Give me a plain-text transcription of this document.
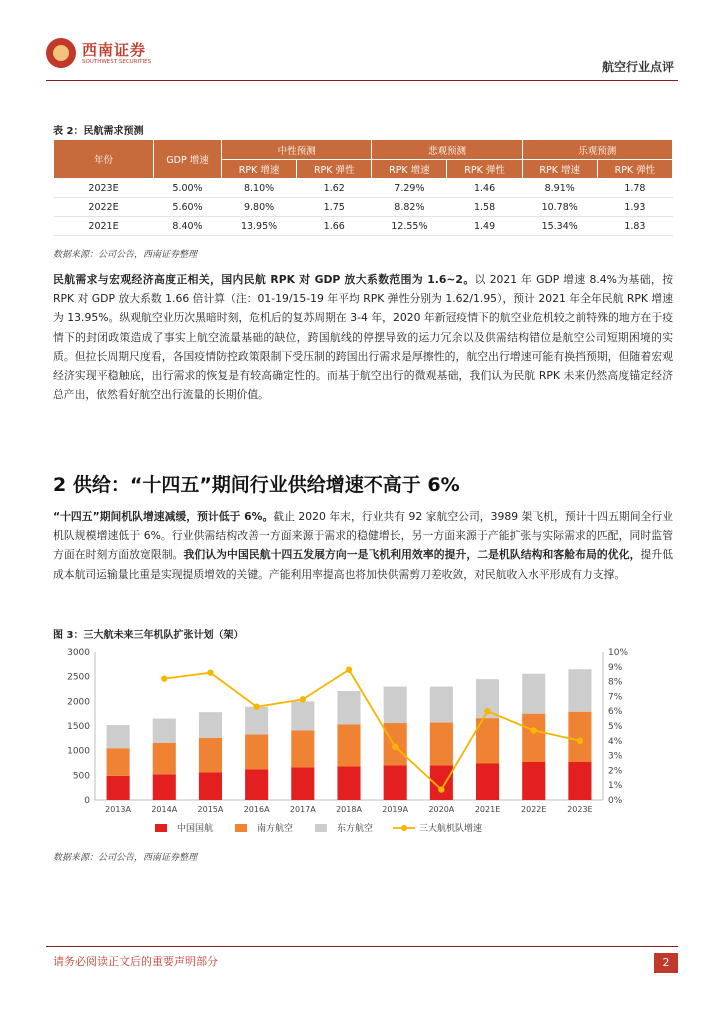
西南证券
SOUTHWEST SECURITIES	航空行业点评
表 2：民航需求预测
年份	GDP 增速	中性预测		悲观预测		乐观预测	
		RPK 增速	RPK 弹性	RPK 增速	RPK 弹性	RPK 增速	RPK 弹性
2023E	5.00%	8.10%	1.62	7.29%	1.46	8.91%	1.78
2022E	5.60%	9.80%	1.75	8.82%	1.58	10.78%	1.93
2021E	8.40%	13.95%	1.66	12.55%	1.49	15.34%	1.83
数据来源：公司公告，西南证券整理
民航需求与宏观经济高度正相关，国内民航 RPK 对 GDP 放大系数范围为 1.6~2。以 2021 年 GDP 增速 8.4%为基础，按 RPK 对 GDP 放大系数 1.66 倍计算（注：01-19/15-19 年平均 RPK 弹性分别为 1.62/1.95），预计 2021 年全年民航 RPK 增速为 13.95%。纵观航空业历次黑暗时刻，危机后的复苏周期在 3-4 年，2020 年新冠疫情下的航空业危机较之前特殊的地方在于疫情下的封闭政策造成了事实上航空流量基础的缺位，跨国航线的停摆导致的运力冗余以及供需结构错位是航空公司短期困境的实质。但拉长周期尺度看，各国疫情防控政策限制下受压制的跨国出行需求是厚擦性的，航空出行增速可能有换挡预期，但随着宏观经济实现平稳触底，出行需求的恢复是有较高确定性的。而基于航空出行的微观基础，我们认为民航 RPK 未来仍然高度锚定经济总产出，依然看好航空出行流量的长期价值。
2 供给：“十四五”期间行业供给增速不高于 6%
“十四五”期间机队增速减缓，预计低于 6%。截止 2020 年末，行业共有 92 家航空公司，3989 架飞机，预计十四五期间全行业机队规模增速低于 6%。行业供需结构改善一方面来源于需求的稳健增长，另一方面来源于产能扩张与实际需求的匹配，同时监管方面在时刻方面放宽限制。我们认为中国民航十四五发展方向一是飞机利用效率的提升，二是机队结构和客舱布局的优化，提升低成本航司运输量比重是实现提质增效的关键。产能利用率提高也将加快供需剪刀差收敛，对民航收入水平形成有力支撑。
图 3：三大航未来三年机队扩张计划（架）
0
500
1000
1500
2000
2500
3000
0%
1%
2%
3%
4%
5%
6%
7%
8%
9%
10%
2013A	2014A	2015A	2016A	2017A	2018A	2019A	2020A	2021E	2022E	2023E
中国国航	南方航空	东方航空	三大航机队增速
数据来源：公司公告，西南证券整理
请务必阅读正文后的重要声明部分	2
